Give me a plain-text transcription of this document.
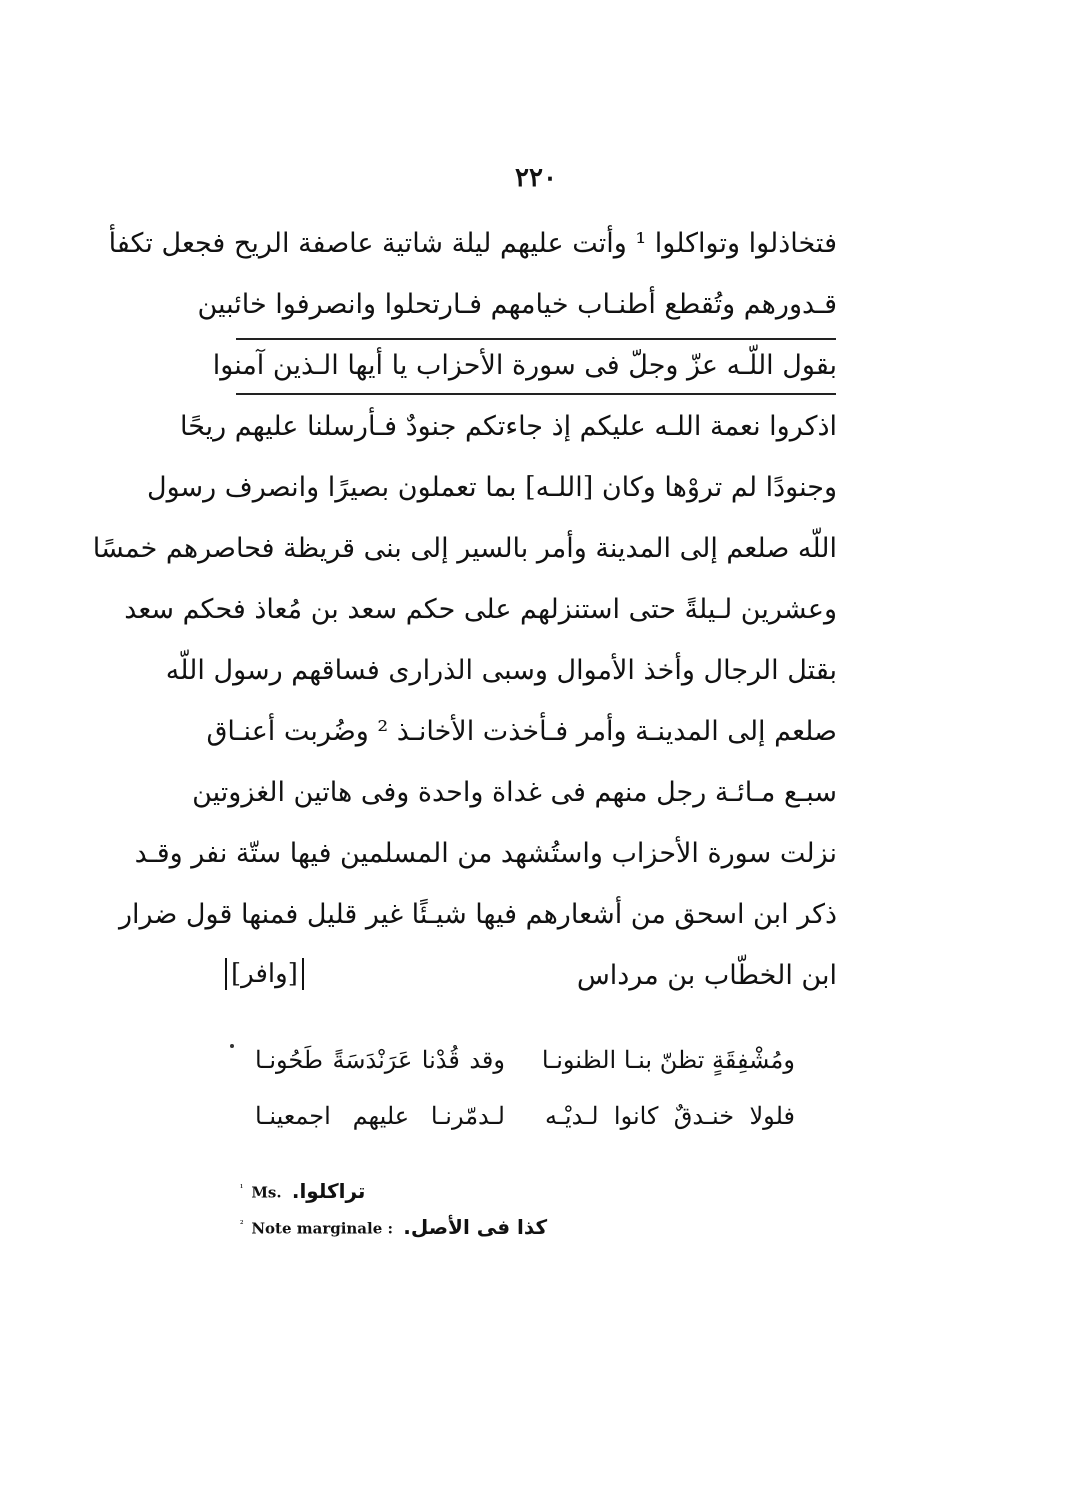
٢٢٠
فتخاذلوا وتواكلوا ¹ وأتت عليهم ليلة شاتية عاصفة الريح فجعل تكفأ
قـدورهم وتُقطع أطنـاب خيامهم فـارتحلوا وانصرفوا خائبين
بقول اللّـه عزّ وجلّ فى سورة الأحزاب يا أيها الـذين آمنوا
اذكروا نعمة اللـه عليكم إذ جاءتكم جنودٌ فـأرسلنا عليهم ريحًا
وجنودًا لم تروْها وكان [اللـه] بما تعملون بصيرًا وانصرف رسول
اللّه صلعم إلى المدينة وأمر بالسير إلى بنى قريظة فحاصرهم خمسًا
وعشرين لـيلةً حتى استنزلهم على حكم سعد بن مُعاذ فحكم سعد
بقتل الرجال وأخذ الأموال وسبى الذرارى فساقهم رسول اللّه
صلعم إلى المدينـة وأمر فـأخذت الأخانـذ ² وضُربت أعنـاق
سبـع مـائـة رجل منهم فى غداة واحدة وفى هاتين الغزوتين
نزلت سورة الأحزاب واستُشهد من المسلمين فيها ستّة نفر وقـد
ذكر ابن اسحق من أشعارهم فيها شيـئًا غير قليل فمنها قول ضرار
ابن الخطّاب بن مرداس
[وافر]
ومُشْفِقَةٍ تظنّ بنـا الظنونـا
وقد قُدْنا عَرَنْدَسَةً طَحُونـا
فلولا خنـدقٌ كانوا لـديْـه
لـدمّرنـا عليهم اجمعينـا
$^{^1}$ Ms. تراكلوا.
$^{^2}$ Note marginale : كذا فى الأصل.
